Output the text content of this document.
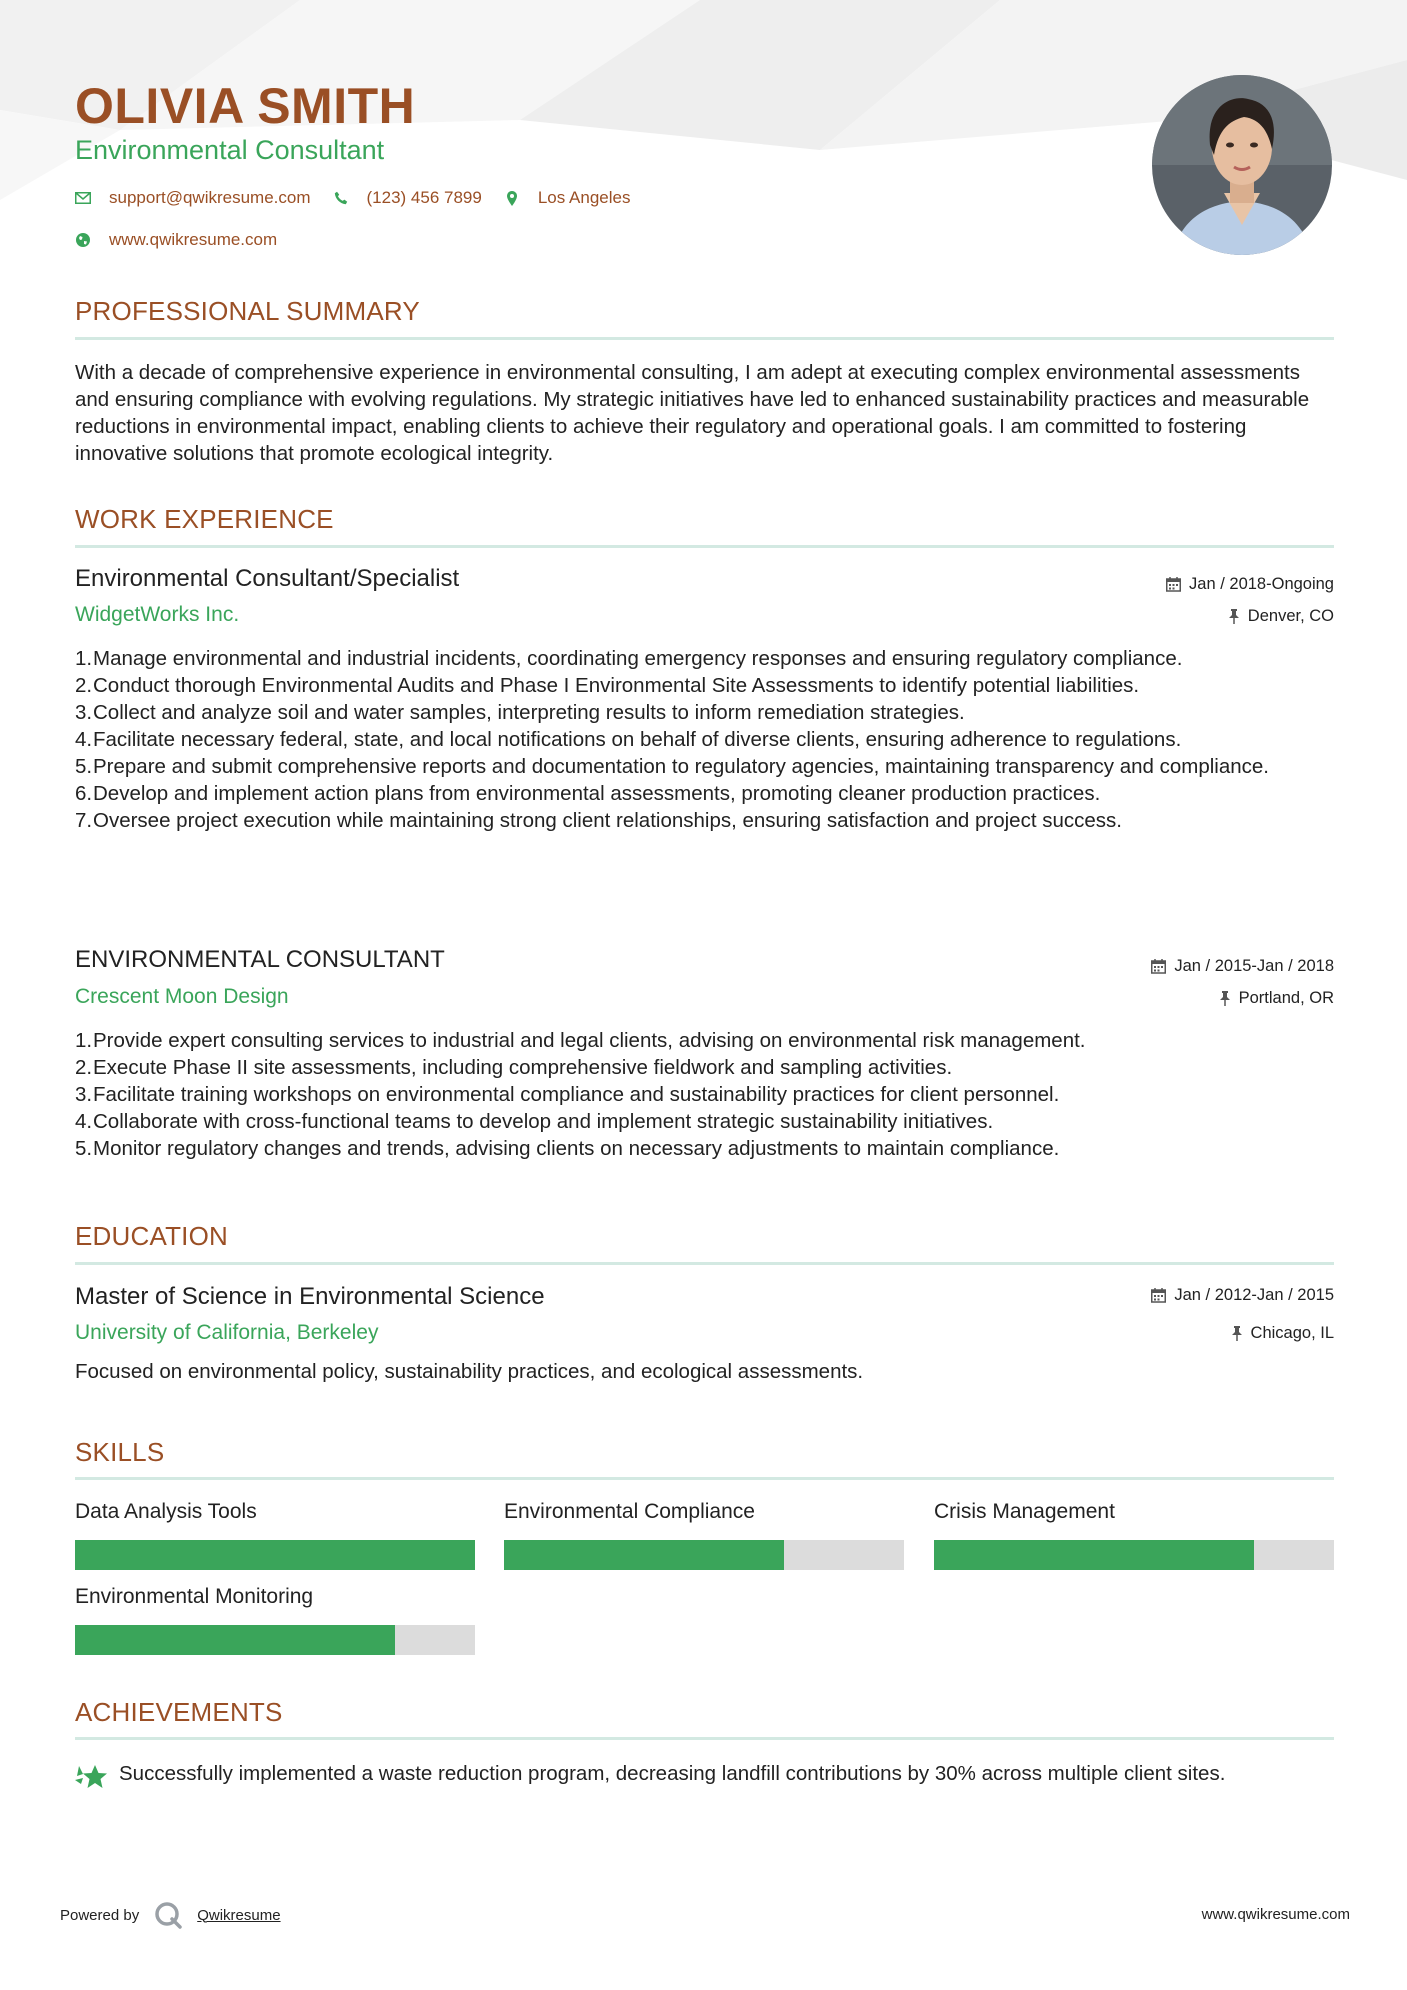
OLIVIA SMITH
Environmental Consultant
support@qwikresume.com	(123) 456 7899	Los Angeles
www.qwikresume.com
PROFESSIONAL SUMMARY
With a decade of comprehensive experience in environmental consulting, I am adept at executing complex environmental assessments and ensuring compliance with evolving regulations. My strategic initiatives have led to enhanced sustainability practices and measurable reductions in environmental impact, enabling clients to achieve their regulatory and operational goals. I am committed to fostering innovative solutions that promote ecological integrity.
WORK EXPERIENCE
Environmental Consultant/Specialist	Jan / 2018-Ongoing
WidgetWorks Inc.	Denver, CO
1. Manage environmental and industrial incidents, coordinating emergency responses and ensuring regulatory compliance.
2. Conduct thorough Environmental Audits and Phase I Environmental Site Assessments to identify potential liabilities.
3. Collect and analyze soil and water samples, interpreting results to inform remediation strategies.
4. Facilitate necessary federal, state, and local notifications on behalf of diverse clients, ensuring adherence to regulations.
5. Prepare and submit comprehensive reports and documentation to regulatory agencies, maintaining transparency and compliance.
6. Develop and implement action plans from environmental assessments, promoting cleaner production practices.
7. Oversee project execution while maintaining strong client relationships, ensuring satisfaction and project success.
ENVIRONMENTAL CONSULTANT	Jan / 2015-Jan / 2018
Crescent Moon Design	Portland, OR
1. Provide expert consulting services to industrial and legal clients, advising on environmental risk management.
2. Execute Phase II site assessments, including comprehensive fieldwork and sampling activities.
3. Facilitate training workshops on environmental compliance and sustainability practices for client personnel.
4. Collaborate with cross-functional teams to develop and implement strategic sustainability initiatives.
5. Monitor regulatory changes and trends, advising clients on necessary adjustments to maintain compliance.
EDUCATION
Master of Science in Environmental Science	Jan / 2012-Jan / 2015
University of California, Berkeley	Chicago, IL
Focused on environmental policy, sustainability practices, and ecological assessments.
SKILLS
Data Analysis Tools	Environmental Compliance	Crisis Management
Environmental Monitoring
ACHIEVEMENTS
Successfully implemented a waste reduction program, decreasing landfill contributions by 30% across multiple client sites.
Powered by	Qwikresume	www.qwikresume.com
